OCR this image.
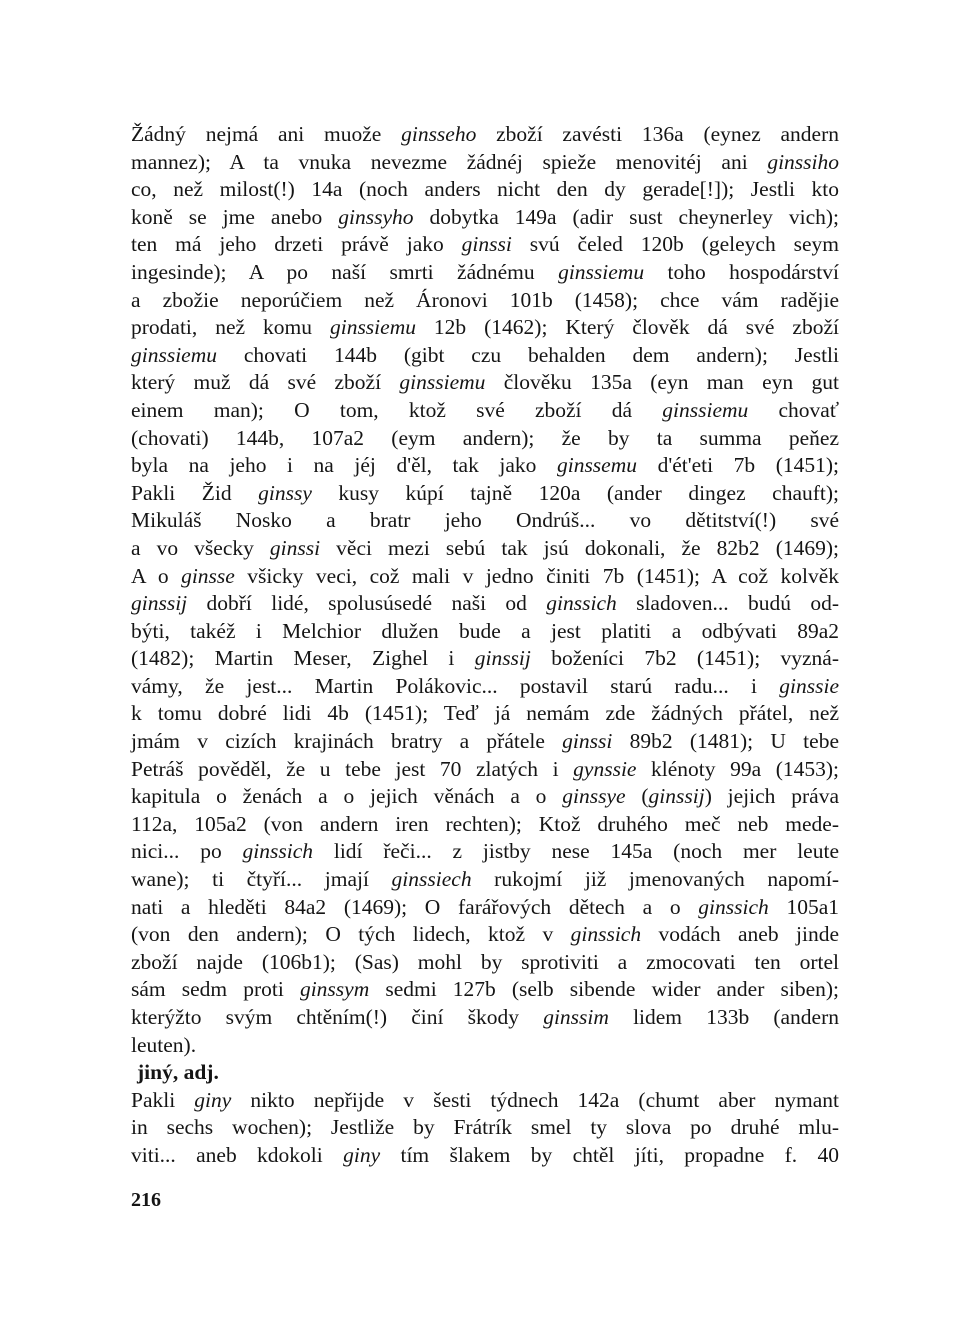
Žádný nejmá ani muože ginsseho zboží zavésti 136a (eynez andern
mannez); A ta vnuka nevezme žádnéj spieže menovitéj ani ginssiho
co, než milost(!) 14a (noch anders nicht den dy gerade[!]); Jestli kto
koně se jme anebo ginssyho dobytka 149a (adir sust cheynerley vich);
ten má jeho drzeti právě jako ginssi svú čeled 120b (geleych seym
ingesinde); A po naší smrti žádnému ginssiemu toho hospodárství
a zbožie neporúčiem než Áronovi 101b (1458); chce vám radějie
prodati, než komu ginssiemu 12b (1462); Který člověk dá své zboží
ginssiemu chovati 144b (gibt czu behalden dem andern); Jestli
který muž dá své zboží ginssiemu člověku 135a (eyn man eyn gut
einem man); O tom, ktož své zboží dá ginssiemu chovať
(chovati) 144b, 107a2 (eym andern); že by ta summa peňez
byla na jeho i na jéj d'ěl, tak jako ginssemu d'ét'eti 7b (1451);
Pakli Žid ginssy kusy kúpí tajně 120a (ander dingez chauft);
Mikuláš Nosko a bratr jeho Ondrúš... vo dětitství(!) své
a vo všecky ginssi věci mezi sebú tak jsú dokonali, že 82b2 (1469);
A o ginsse všicky veci, což mali v jedno činiti 7b (1451); A což kolvěk
ginssij dobří lidé, spolusúsedé naši od ginssich sladoven... budú od-
býti, takéž i Melchior dlužen bude a jest platiti a odbývati 89a2
(1482); Martin Meser, Zighel i ginssij boženíci 7b2 (1451); vyzná-
vámy, že jest... Martin Polákovic... postavil starú radu... i ginssie
k tomu dobré lidi 4b (1451); Teď já nemám zde žádných přátel, než
jmám v cizích krajinách bratry a přátele ginssi 89b2 (1481); U tebe
Petráš pověděl, že u tebe jest 70 zlatých i gynssie klénoty 99a (1453);
kapitula o ženách a o jejich věnách a o ginssye (ginssij) jejich práva
112a, 105a2 (von andern iren rechten); Ktož druhého meč neb mede-
nici... po ginssich lidí řeči... z jistby nese 145a (noch mer leute
wane); ti čtyří... jmají ginssiech rukojmí již jmenovaných napomí-
nati a hleděti 84a2 (1469); O farářových dětech a o ginssich 105a1
(von den andern); O tých lidech, ktož v ginssich vodách aneb jinde
zboží najde (106b1); (Sas) mohl by sprotiviti a zmocovati ten ortel
sám sedm proti ginssym sedmi 127b (selb sibende wider ander siben);
kterýžto svým chtěním(!) činí škody ginssim lidem 133b (andern
leuten).
jiný, adj.
Pakli giny nikto nepřijde v šesti týdnech 142a (chumt aber nymant
in sechs wochen); Jestliže by Frátrík smel ty slova po druhé mlu-
viti... aneb kdokoli giny tím šlakem by chtěl jíti, propadne f. 40
216
